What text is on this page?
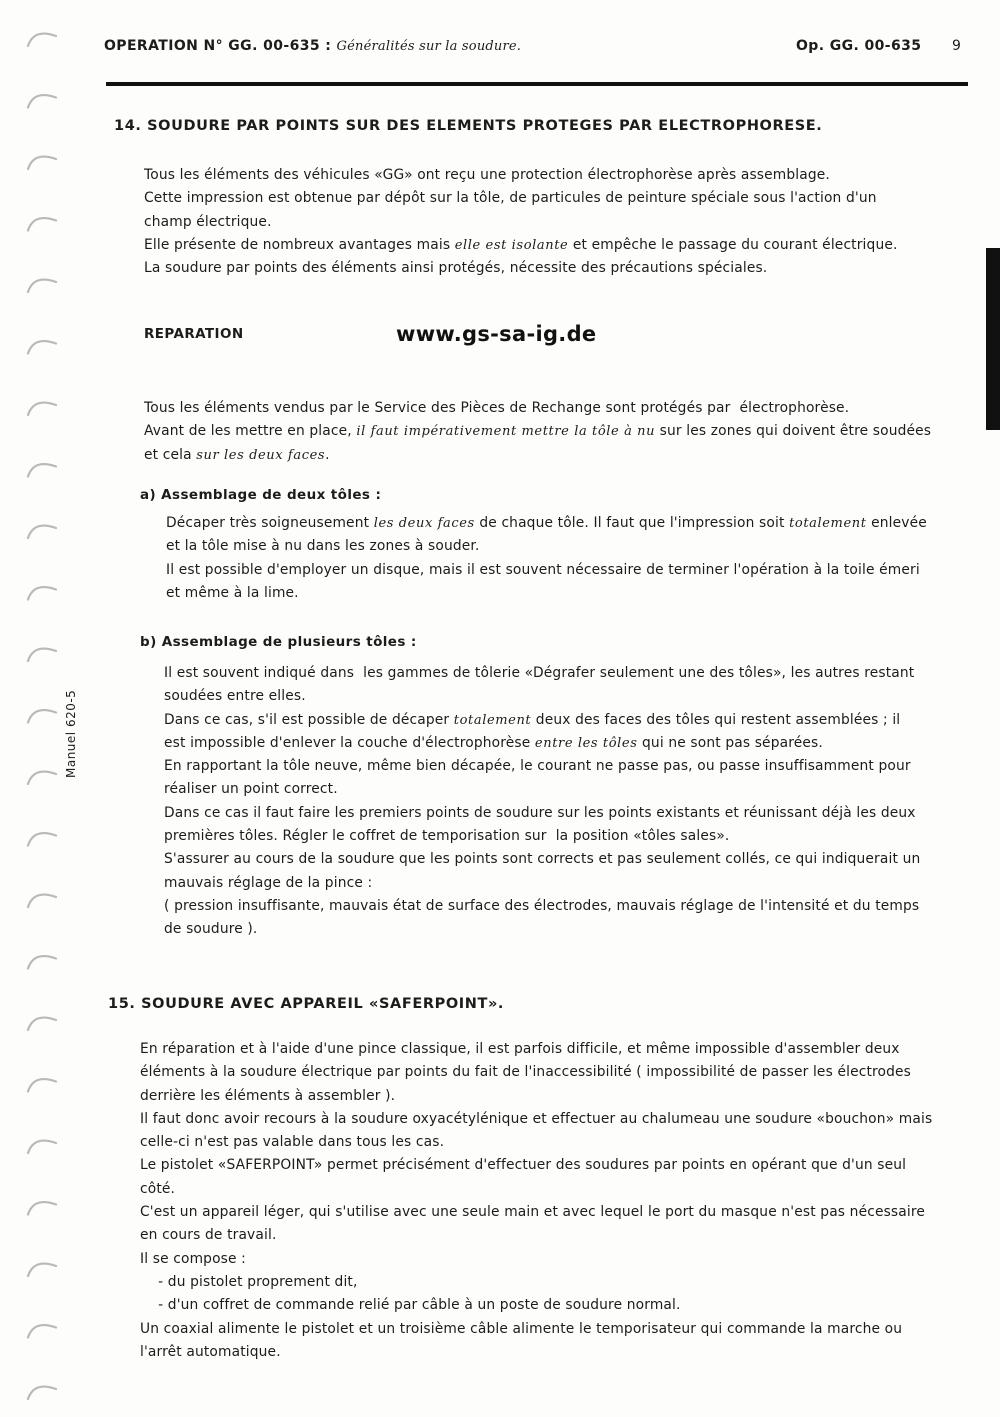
Manuel 620-5
OPERATION N° GG. 00-635 : Généralités sur la soudure.	Op. GG. 00-635 9
14. SOUDURE PAR POINTS SUR DES ELEMENTS PROTEGES PAR ELECTROPHORESE.
Tous les éléments des véhicules «GG» ont reçu une protection électrophorèse après assemblage.
Cette impression est obtenue par dépôt sur la tôle, de particules de peinture spéciale sous l'action d'un
champ électrique.
Elle présente de nombreux avantages mais elle est isolante et empêche le passage du courant électrique.
La soudure par points des éléments ainsi protégés, nécessite des précautions spéciales.
REPARATION	www.gs-sa-ig.de
Tous les éléments vendus par le Service des Pièces de Rechange sont protégés par  électrophorèse.
Avant de les mettre en place, il faut impérativement mettre la tôle à nu sur les zones qui doivent être soudées
et cela sur les deux faces.
a) Assemblage de deux tôles :
Décaper très soigneusement les deux faces de chaque tôle. Il faut que l'impression soit totalement enlevée
et la tôle mise à nu dans les zones à souder.
Il est possible d'employer un disque, mais il est souvent nécessaire de terminer l'opération à la toile émeri
et même à la lime.
b) Assemblage de plusieurs tôles :
Il est souvent indiqué dans  les gammes de tôlerie «Dégrafer seulement une des tôles», les autres restant
soudées entre elles.
Dans ce cas, s'il est possible de décaper totalement deux des faces des tôles qui restent assemblées ; il
est impossible d'enlever la couche d'électrophorèse entre les tôles qui ne sont pas séparées.
En rapportant la tôle neuve, même bien décapée, le courant ne passe pas, ou passe insuffisamment pour
réaliser un point correct.
Dans ce cas il faut faire les premiers points de soudure sur les points existants et réunissant déjà les deux
premières tôles. Régler le coffret de temporisation sur  la position «tôles sales».
S'assurer au cours de la soudure que les points sont corrects et pas seulement collés, ce qui indiquerait un
mauvais réglage de la pince :
( pression insuffisante, mauvais état de surface des électrodes, mauvais réglage de l'intensité et du temps
de soudure ).
15. SOUDURE AVEC APPAREIL «SAFERPOINT».
En réparation et à l'aide d'une pince classique, il est parfois difficile, et même impossible d'assembler deux
éléments à la soudure électrique par points du fait de l'inaccessibilité ( impossibilité de passer les électrodes
derrière les éléments à assembler ).
Il faut donc avoir recours à la soudure oxyacétylénique et effectuer au chalumeau une soudure «bouchon» mais
celle-ci n'est pas valable dans tous les cas.
Le pistolet «SAFERPOINT» permet précisément d'effectuer des soudures par points en opérant que d'un seul
côté.
C'est un appareil léger, qui s'utilise avec une seule main et avec lequel le port du masque n'est pas nécessaire
en cours de travail.
Il se compose :
- du pistolet proprement dit,
- d'un coffret de commande relié par câble à un poste de soudure normal.
Un coaxial alimente le pistolet et un troisième câble alimente le temporisateur qui commande la marche ou
l'arrêt automatique.
